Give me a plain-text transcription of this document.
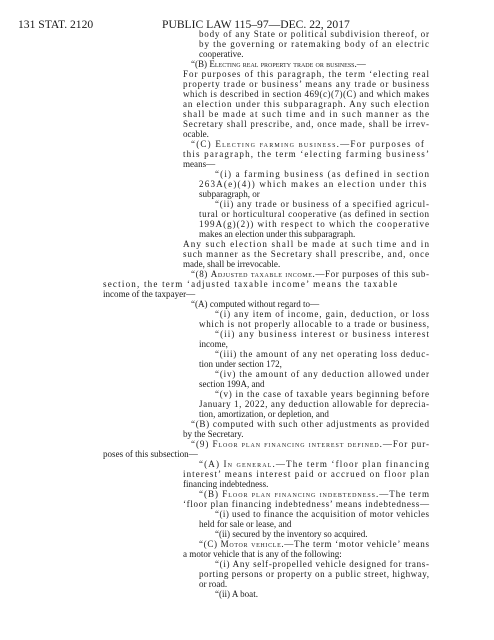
131 STAT. 2120	PUBLIC LAW 115–97—DEC. 22, 2017
body of any State or political subdivision thereof, or
by the governing or ratemaking body of an electric
cooperative.
“(B) Electing real property trade or business.—
For purposes of this paragraph, the term ‘electing real
property trade or business’ means any trade or business
which is described in section 469(c)(7)(C) and which makes
an election under this subparagraph. Any such election
shall be made at such time and in such manner as the
Secretary shall prescribe, and, once made, shall be irrev-
ocable.
“(C) Electing farming business.—For purposes of
this paragraph, the term ‘electing farming business’
means—
“(i) a farming business (as defined in section
263A(e)(4)) which makes an election under this
subparagraph, or
“(ii) any trade or business of a specified agricul-
tural or horticultural cooperative (as defined in section
199A(g)(2)) with respect to which the cooperative
makes an election under this subparagraph.
Any such election shall be made at such time and in
such manner as the Secretary shall prescribe, and, once
made, shall be irrevocable.
“(8) Adjusted taxable income.—For purposes of this sub-
section, the term ‘adjusted taxable income’ means the taxable
income of the taxpayer—
“(A) computed without regard to—
“(i) any item of income, gain, deduction, or loss
which is not properly allocable to a trade or business,
“(ii) any business interest or business interest
income,
“(iii) the amount of any net operating loss deduc-
tion under section 172,
“(iv) the amount of any deduction allowed under
section 199A, and
“(v) in the case of taxable years beginning before
January 1, 2022, any deduction allowable for deprecia-
tion, amortization, or depletion, and
“(B) computed with such other adjustments as provided
by the Secretary.
“(9) Floor plan financing interest defined.—For pur-
poses of this subsection—
“(A) In general.—The term ‘floor plan financing
interest’ means interest paid or accrued on floor plan
financing indebtedness.
“(B) Floor plan financing indebtedness.—The term
‘floor plan financing indebtedness’ means indebtedness—
“(i) used to finance the acquisition of motor vehicles
held for sale or lease, and
“(ii) secured by the inventory so acquired.
“(C) Motor vehicle.—The term ‘motor vehicle’ means
a motor vehicle that is any of the following:
“(i) Any self-propelled vehicle designed for trans-
porting persons or property on a public street, highway,
or road.
“(ii) A boat.
